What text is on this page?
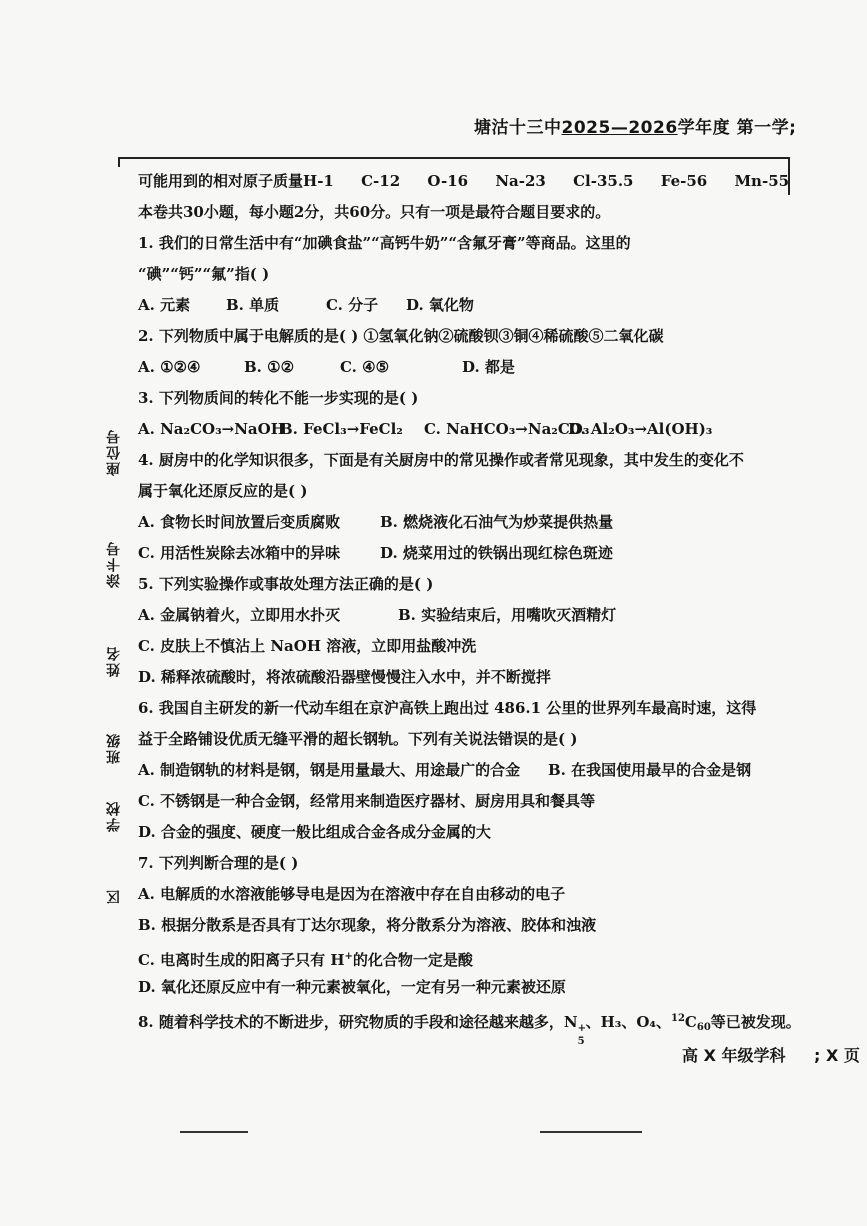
塘沽十三中2025—2026学年度 第一学;
座位号
涂卡号
姓名
班级
学校
区
可能用到的相对原子质量H-1 C-12 O-16 Na-23 Cl-35.5 Fe-56 Mn-55
本卷共30小题，每小题2分，共60分。只有一项是最符合题目要求的。
1. 我们的日常生活中有“加碘食盐”“高钙牛奶”“含氟牙膏”等商品。这里的
“碘”“钙”“氟”指( )
A. 元素 B. 单质	C. 分子 D. 氧化物
2. 下列物质中属于电解质的是( ) ①氢氧化钠②硫酸钡③铜④稀硫酸⑤二氧化碳
A. ①②④	B. ①②	C. ④⑤	D. 都是
3. 下列物质间的转化不能一步实现的是( )
A. Na₂CO₃→NaOHB. FeCl₃→FeCl₂ C. NaHCO₃→Na₂CO₃D. Al₂O₃→Al(OH)₃
4. 厨房中的化学知识很多，下面是有关厨房中的常见操作或者常见现象，其中发生的变化不
属于氧化还原反应的是( )
A. 食物长时间放置后变质腐败	B. 燃烧液化石油气为炒菜提供热量
C. 用活性炭除去冰箱中的异味	D. 烧菜用过的铁锅出现红棕色斑迹
5. 下列实验操作或事故处理方法正确的是( )
A. 金属钠着火，立即用水扑灭	B. 实验结束后，用嘴吹灭酒精灯
C. 皮肤上不慎沾上 NaOH 溶液，立即用盐酸冲洗
D. 稀释浓硫酸时，将浓硫酸沿器壁慢慢注入水中，并不断搅拌
6. 我国自主研发的新一代动车组在京沪高铁上跑出过 486.1 公里的世界列车最高时速，这得
益于全路铺设优质无缝平滑的超长钢轨。下列有关说法错误的是( )
A. 制造钢轨的材料是钢，钢是用量最大、用途最广的合金 B. 在我国使用最早的合金是钢
C. 不锈钢是一种合金钢，经常用来制造医疗器材、厨房用具和餐具等
D. 合金的强度、硬度一般比组成合金各成分金属的大
7. 下列判断合理的是( )
A. 电解质的水溶液能够导电是因为在溶液中存在自由移动的电子
B. 根据分散系是否具有丁达尔现象，将分散系分为溶液、胶体和浊液
C. 电离时生成的阳离子只有 H+的化合物一定是酸
D. 氧化还原反应中有一种元素被氧化，一定有另一种元素被还原
8. 随着科学技术的不断进步，研究物质的手段和途径越来越多，N +
5
、H₃、O₄、$^{12}C_{60}$等已被发现。
高 X 年级学科 ; X 页
